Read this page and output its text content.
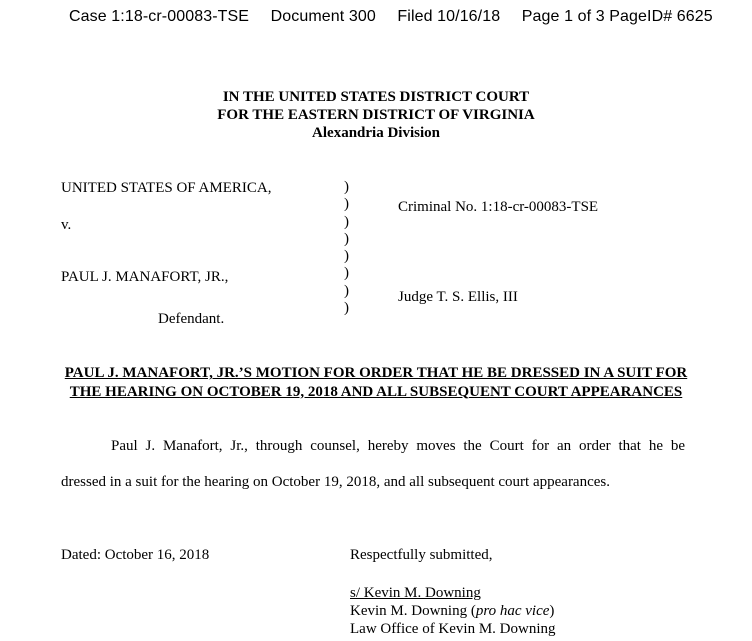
Case 1:18-cr-00083-TSE Document 300 Filed 10/16/18 Page 1 of 3 PageID# 6625
IN THE UNITED STATES DISTRICT COURT
FOR THE EASTERN DISTRICT OF VIRGINIA
Alexandria Division
UNITED STATES OF AMERICA,
v.
PAUL J. MANAFORT, JR.,
Defendant.
)
)
)
)
)
)
)
)
Criminal No. 1:18-cr-00083-TSE
Judge T. S. Ellis, III
PAUL J. MANAFORT, JR.’S MOTION FOR ORDER THAT HE BE DRESSED IN A SUIT FOR THE HEARING ON OCTOBER 19, 2018 AND ALL SUBSEQUENT COURT APPEARANCES
Paul J. Manafort, Jr., through counsel, hereby moves the Court for an order that he be
dressed in a suit for the hearing on October 19, 2018, and all subsequent court appearances.
Dated: October 16, 2018	Respectfully submitted,
s/ Kevin M. Downing
Kevin M. Downing (pro hac vice)
Law Office of Kevin M. Downing
